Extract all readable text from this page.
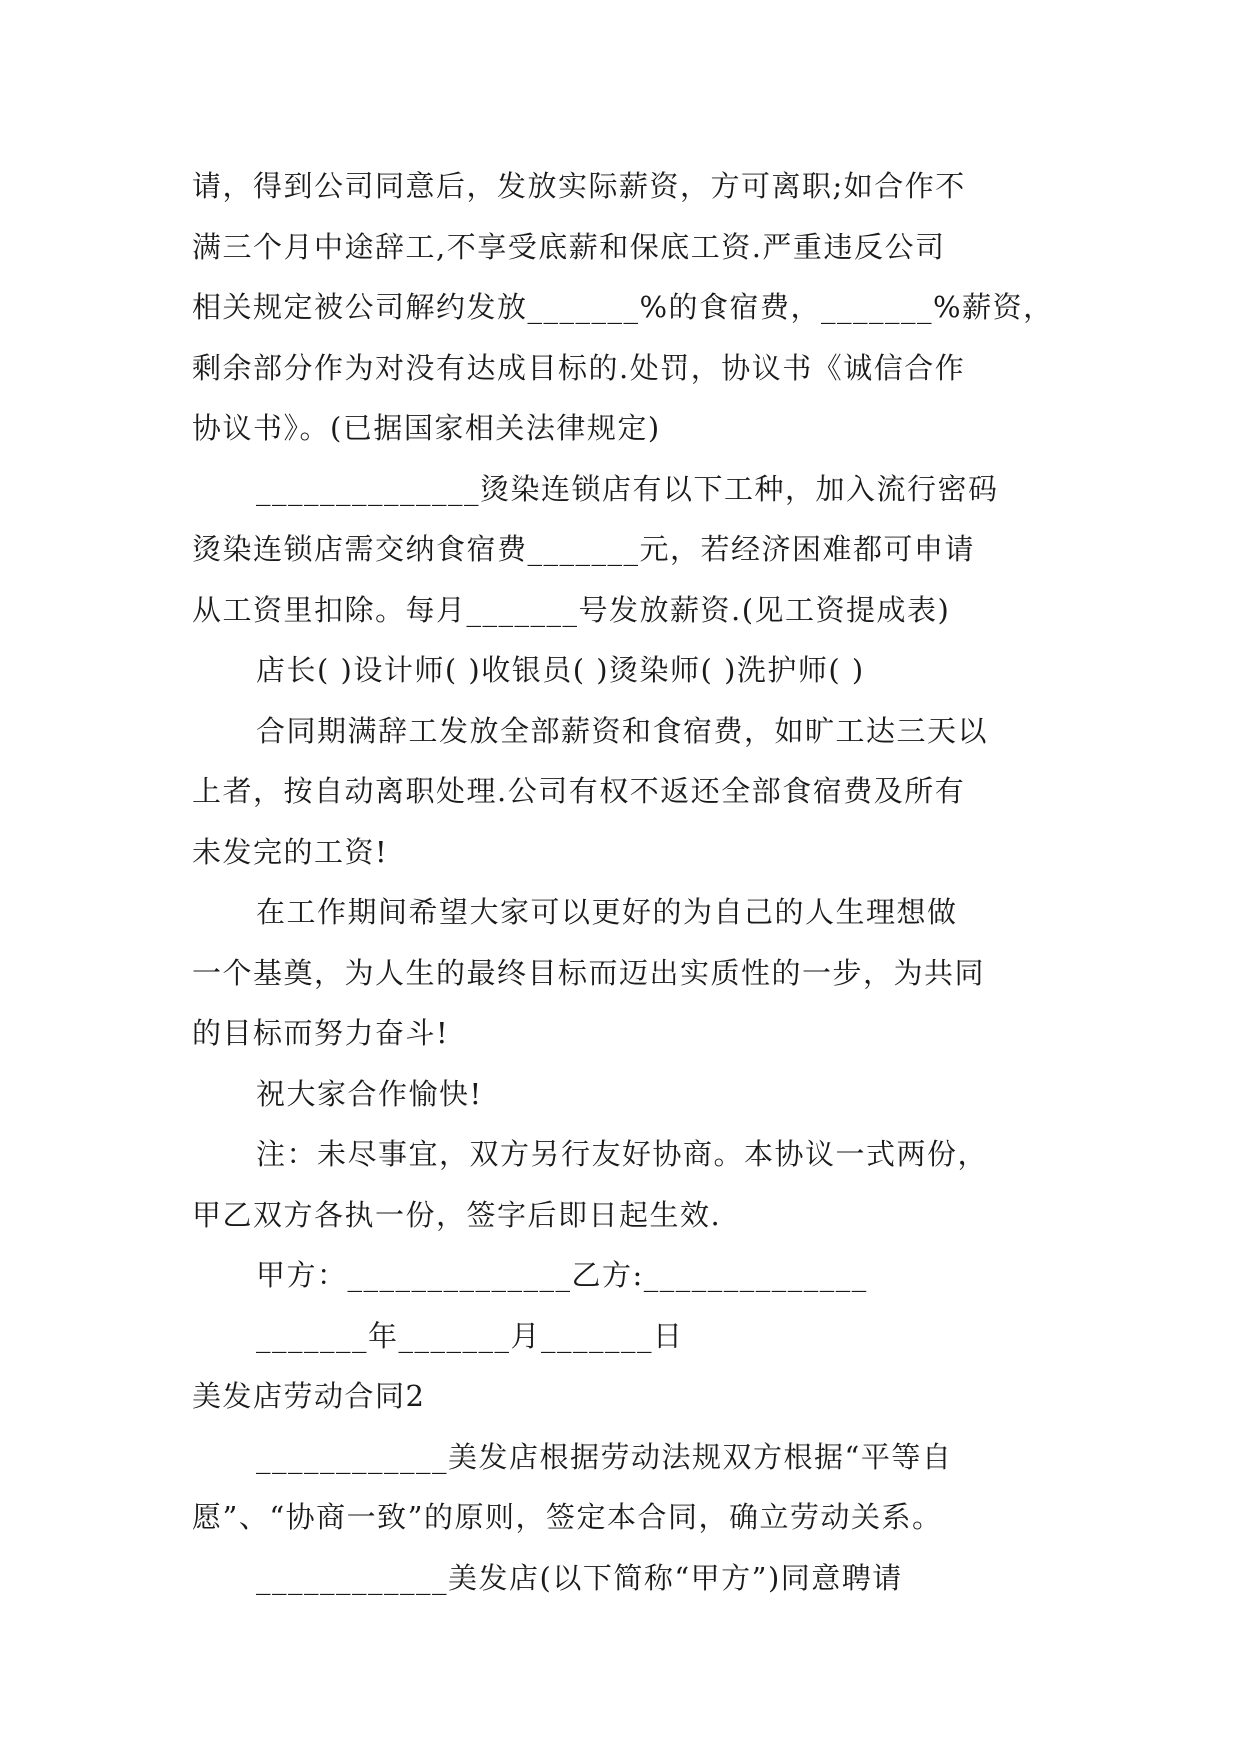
请，得到公司同意后，发放实际薪资，方可离职;如合作不
满三个月中途辞工,不享受底薪和保底工资.严重违反公司
相关规定被公司解约发放_______%的食宿费，_______%薪资，
剩余部分作为对没有达成目标的.处罚，协议书《诚信合作
协议书》。(已据国家相关法律规定)
______________烫染连锁店有以下工种，加入流行密码
烫染连锁店需交纳食宿费_______元，若经济困难都可申请
从工资里扣除。每月_______号发放薪资.(见工资提成表)
店长( )设计师( )收银员( )烫染师( )洗护师( )
合同期满辞工发放全部薪资和食宿费，如旷工达三天以
上者，按自动离职处理.公司有权不返还全部食宿费及所有
未发完的工资!
在工作期间希望大家可以更好的为自己的人生理想做
一个基奠，为人生的最终目标而迈出实质性的一步，为共同
的目标而努力奋斗!
祝大家合作愉快!
注：未尽事宜，双方另行友好协商。本协议一式两份，
甲乙双方各执一份，签字后即日起生效.
甲方：______________乙方:______________
_______年_______月_______日
美发店劳动合同2
____________美发店根据劳动法规双方根据“平等自
愿”、“协商一致”的原则，签定本合同，确立劳动关系。
____________美发店(以下简称“甲方”)同意聘请
